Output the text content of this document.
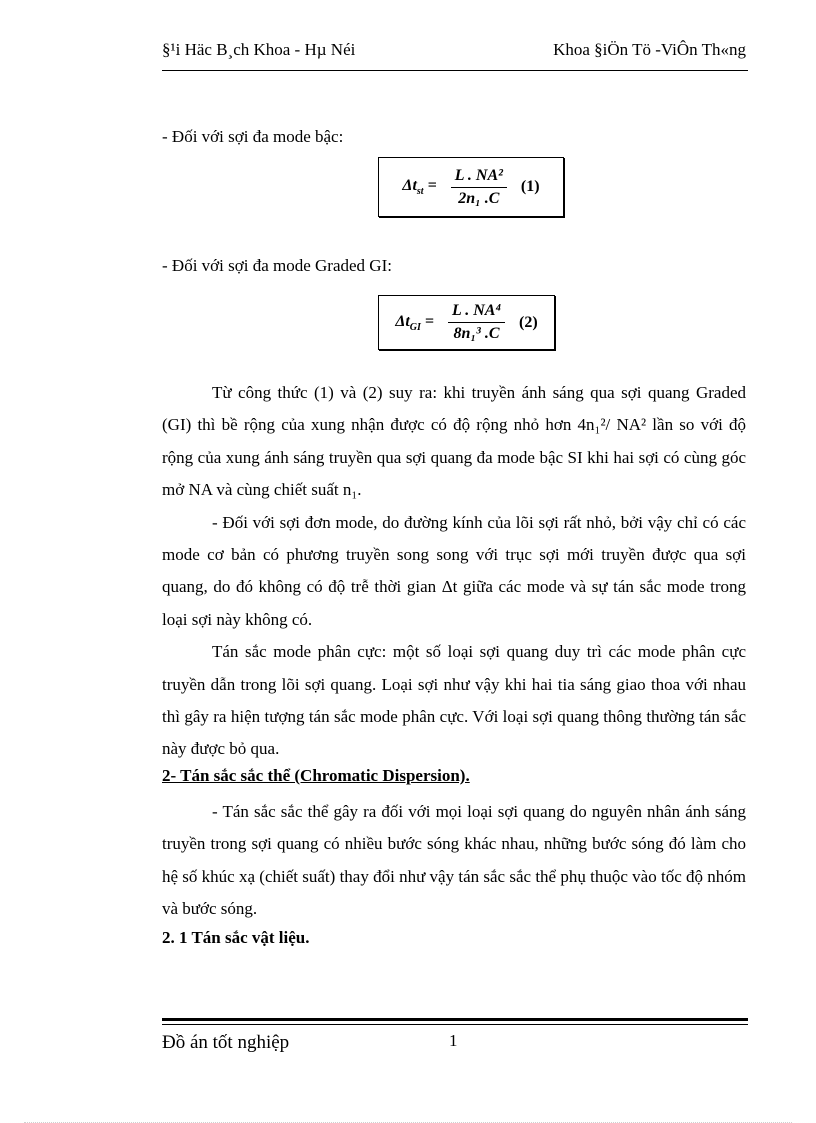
§¹i Häc B¸ch Khoa - Hµ Néi	Khoa §iÖn Tö -ViÔn Th«ng
- Đối với sợi đa mode bậc:
$\Delta t_{st} = \frac{\text{L . NA²}}{\text{2n₁ .C}} (1)$
- Đối với sợi đa mode Graded GI:
$\Delta t_{GI} = \frac{\text{L . NA⁴}}{\text{8n₁³ .C}} (2)$

Từ công thức (1) và (2) suy ra: khi truyền ánh sáng qua sợi quang Graded (GI) thì bề rộng của xung nhận được có độ rộng nhỏ hơn 4n₁²/ NA² lần so với độ rộng của xung ánh sáng truyền qua sợi quang đa mode bậc SI khi hai sợi có cùng góc mở NA và cùng chiết suất n₁.

- Đối với sợi đơn mode, do đường kính của lõi sợi rất nhỏ, bởi vậy chỉ có các mode cơ bản có phương truyền song song với trục sợi mới truyền được qua sợi quang, do đó không có độ trễ thời gian Δt giữa các mode và sự tán sắc mode trong loại sợi này không có.

Tán sắc mode phân cực: một số loại sợi quang duy trì các mode phân cực truyền dẫn trong lõi sợi quang. Loại sợi như vậy khi hai tia sáng giao thoa với nhau thì gây ra hiện tượng tán sắc mode phân cực. Với loại sợi quang thông thường tán sắc này được bỏ qua.

2- Tán sắc sắc thể (Chromatic Dispersion).

- Tán sắc sắc thể gây ra đối với mọi loại sợi quang do nguyên nhân ánh sáng truyền trong sợi quang có nhiều bước sóng khác nhau, những bước sóng đó làm cho hệ số khúc xạ (chiết suất) thay đổi như vậy tán sắc sắc thể phụ thuộc vào tốc độ nhóm và bước sóng.

2. 1 Tán sắc vật liệu.
Đồ án tốt nghiệp	1
